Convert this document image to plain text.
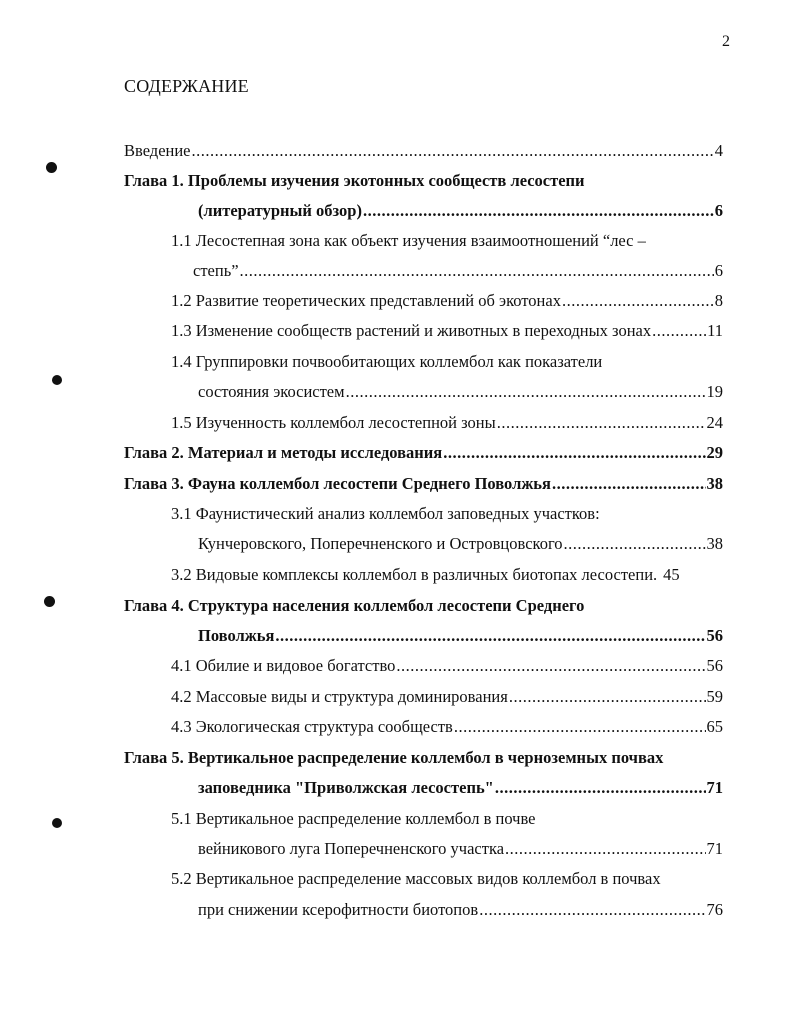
2
СОДЕРЖАНИЕ
Введение .....	4
Глава 1. Проблемы изучения экотонных сообществ лесостепи
(литературный обзор) .....	6
1.1 Лесостепная зона как объект изучения взаимоотношений “лес –
степь” .....	6
1.2 Развитие теоретических представлений об экотонах .....	8
1.3 Изменение сообществ растений и животных в переходных зонах .....	11
1.4 Группировки почвообитающих коллембол как показатели
состояния экосистем .....	19
1.5 Изученность коллембол лесостепной зоны .....	24
Глава 2. Материал и методы исследования .....	29
Глава 3. Фауна коллембол лесостепи Среднего Поволжья .....	38
3.1 Фаунистический анализ коллембол заповедных участков:
Кунчеровского, Поперечненского и Островцовского .....	38
3.2 Видовые комплексы коллембол в различных биотопах лесостепи. 45
Глава 4. Структура населения коллембол лесостепи Среднего
Поволжья .....	56
4.1 Обилие и видовое богатство .....	56
4.2 Массовые виды и структура доминирования .....	59
4.3 Экологическая структура сообществ .....	65
Глава 5. Вертикальное распределение коллембол в черноземных почвах
заповедника "Приволжская лесостепь" .....	71
5.1 Вертикальное распределение коллембол в почве
вейникового луга Поперечненского участка .....	71
5.2 Вертикальное распределение массовых видов коллембол в почвах
при снижении ксерофитности биотопов .....	76
